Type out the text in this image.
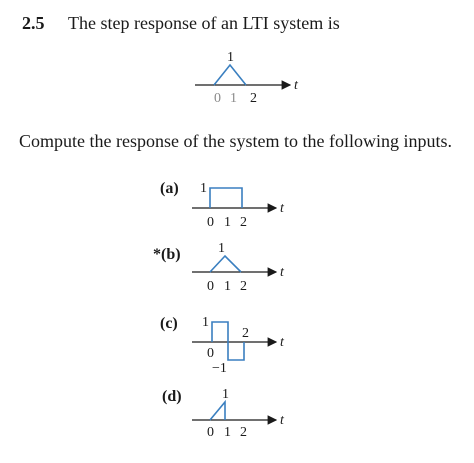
2.5 The step response of an LTI system is
1
0 1 2
t
Compute the response of the system to the following inputs.
(a) 1
0 1 2
t
*(b)	1
0 1 2
t
(c) 1
2
0
−1
t
(d)	1
0 1 2
t
